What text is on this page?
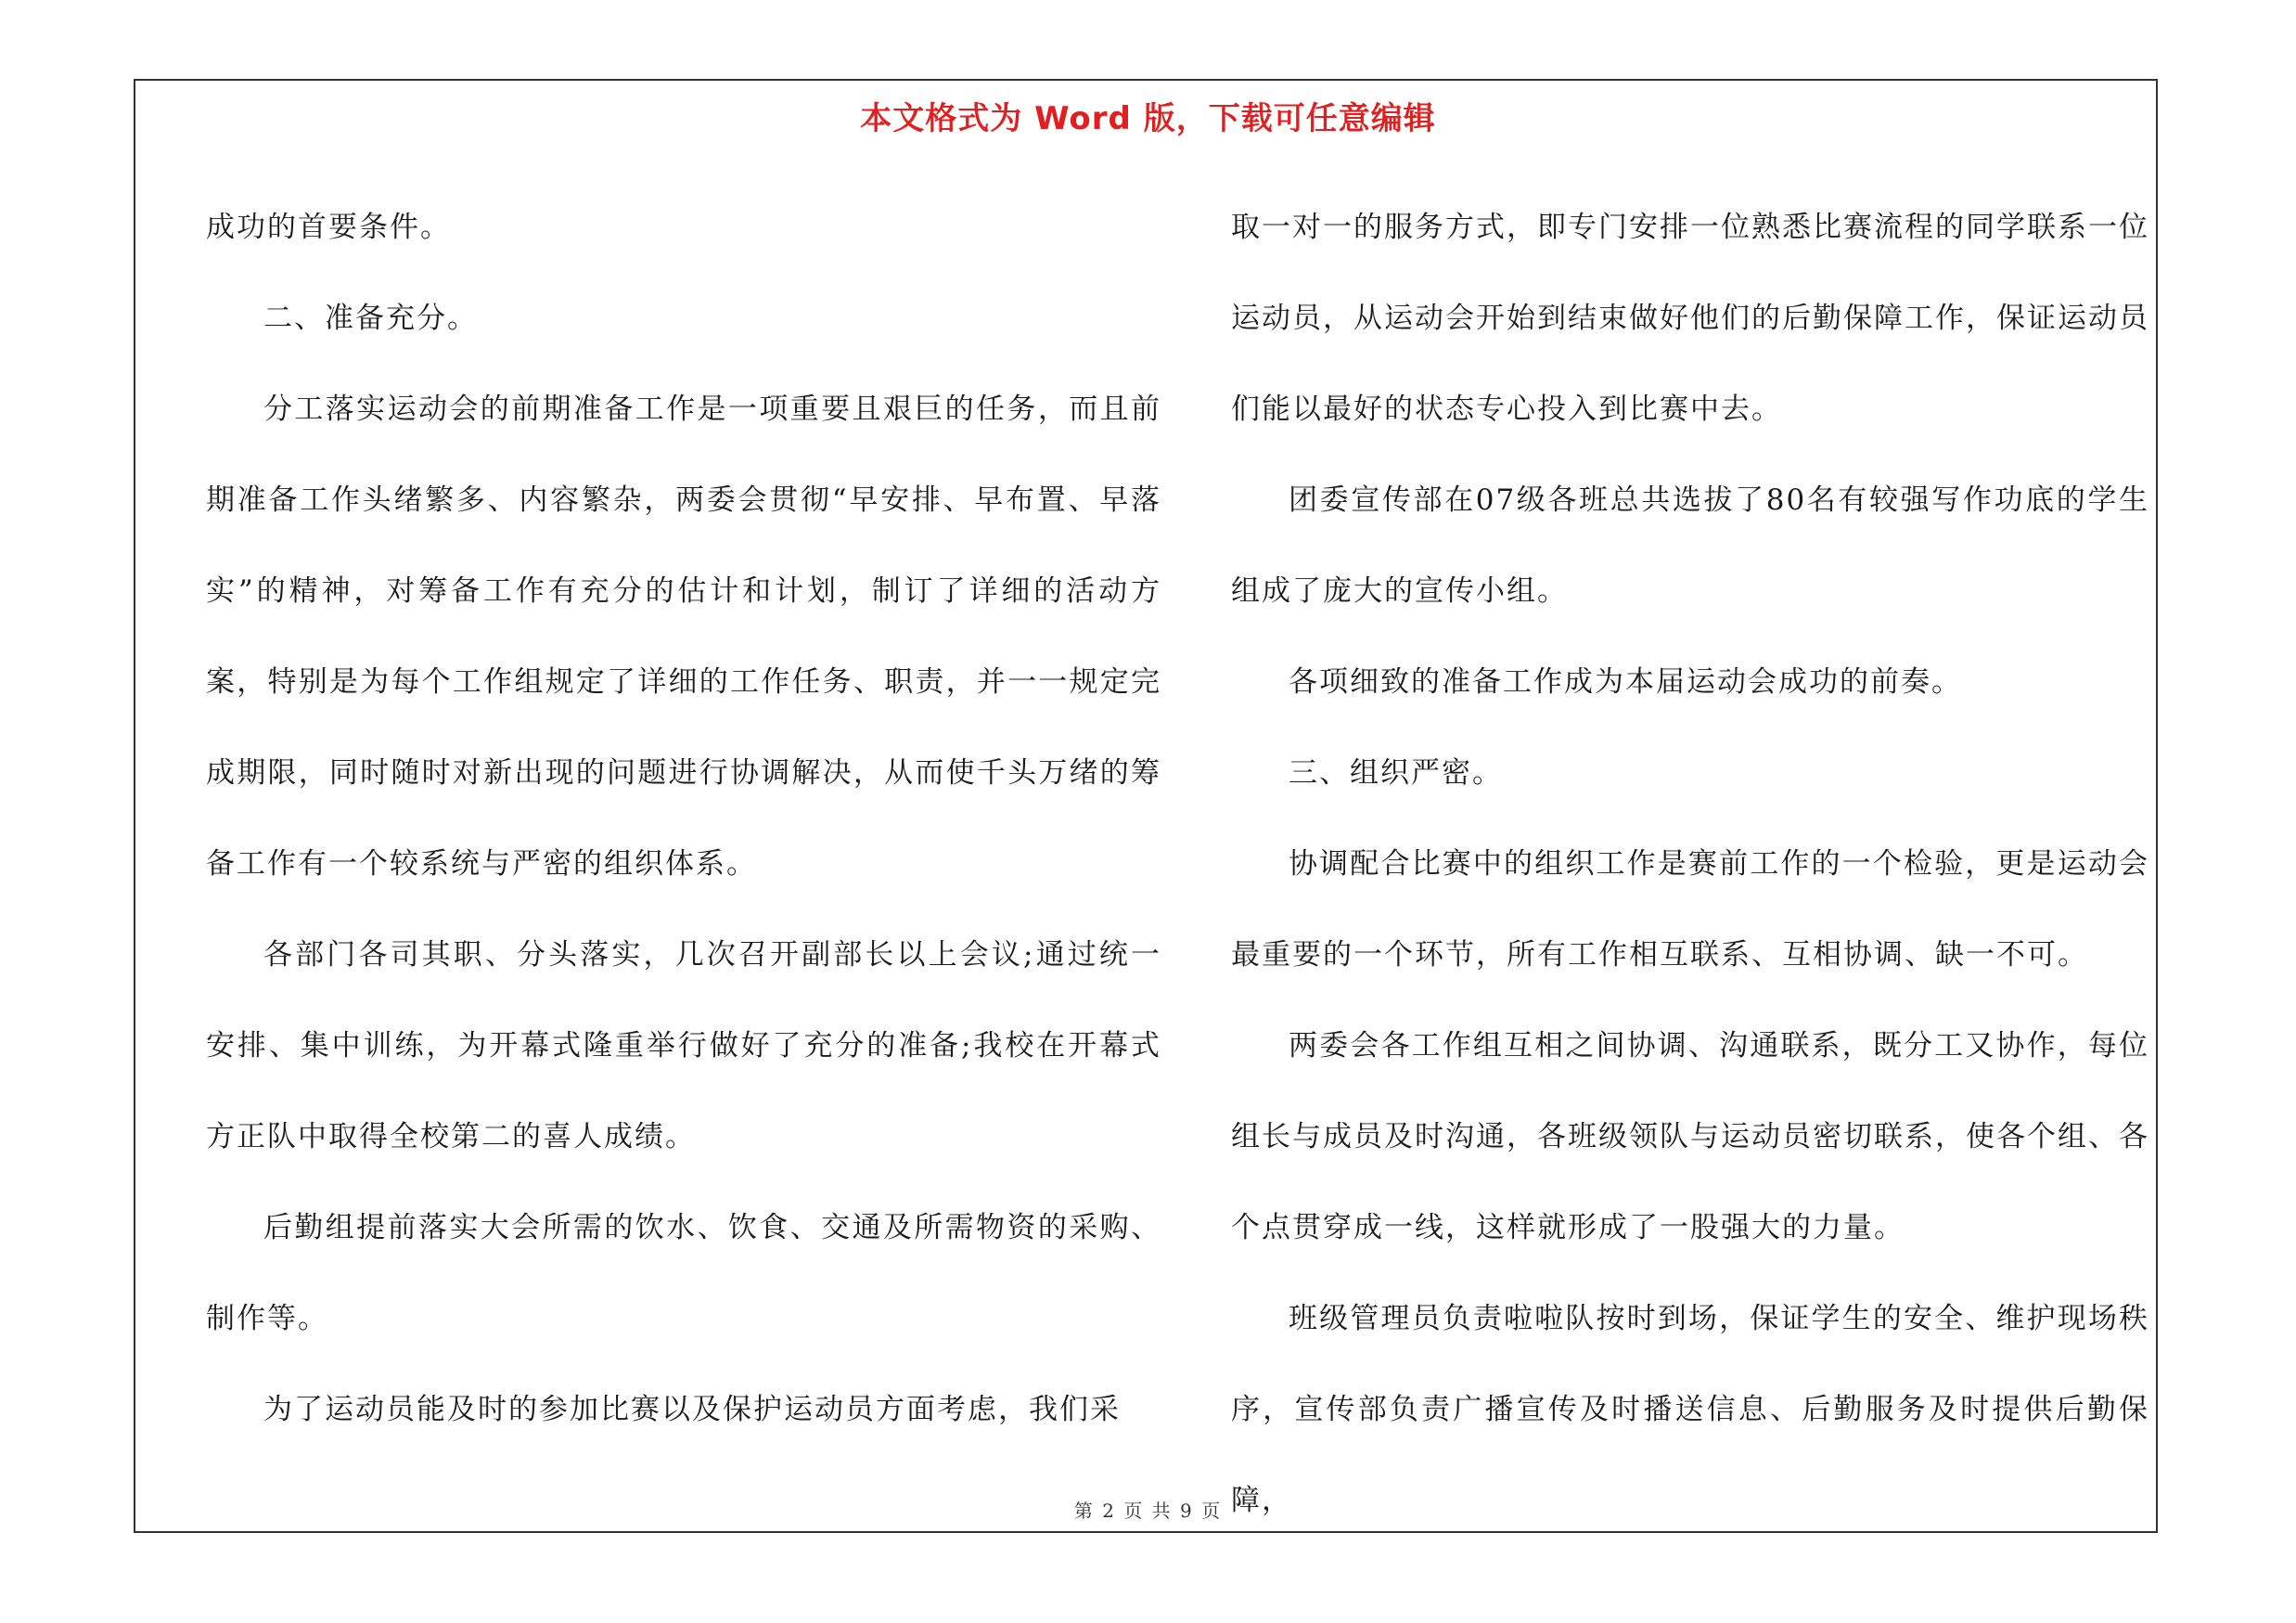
本文格式为 Word 版，下载可任意编辑

成功的首要条件。

二、准备充分。

分工落实运动会的前期准备工作是一项重要且艰巨的任务，而且前期准备工作头绪繁多、内容繁杂，两委会贯彻“早安排、早布置、早落实”的精神，对筹备工作有充分的估计和计划，制订了详细的活动方案，特别是为每个工作组规定了详细的工作任务、职责，并一一规定完成期限，同时随时对新出现的问题进行协调解决，从而使千头万绪的筹备工作有一个较系统与严密的组织体系。

各部门各司其职、分头落实，几次召开副部长以上会议;通过统一安排、集中训练，为开幕式隆重举行做好了充分的准备;我校在开幕式方正队中取得全校第二的喜人成绩。

后勤组提前落实大会所需的饮水、饮食、交通及所需物资的采购、制作等。

为了运动员能及时的参加比赛以及保护运动员方面考虑，我们采

取一对一的服务方式，即专门安排一位熟悉比赛流程的同学联系一位运动员，从运动会开始到结束做好他们的后勤保障工作，保证运动员们能以最好的状态专心投入到比赛中去。

团委宣传部在07级各班总共选拔了80名有较强写作功底的学生组成了庞大的宣传小组。

各项细致的准备工作成为本届运动会成功的前奏。

三、组织严密。

协调配合比赛中的组织工作是赛前工作的一个检验，更是运动会最重要的一个环节，所有工作相互联系、互相协调、缺一不可。

两委会各工作组互相之间协调、沟通联系，既分工又协作，每位组长与成员及时沟通，各班级领队与运动员密切联系，使各个组、各个点贯穿成一线，这样就形成了一股强大的力量。

班级管理员负责啦啦队按时到场，保证学生的安全、维护现场秩序，宣传部负责广播宣传及时播送信息、后勤服务及时提供后勤保障，

第 2 页 共 9 页
